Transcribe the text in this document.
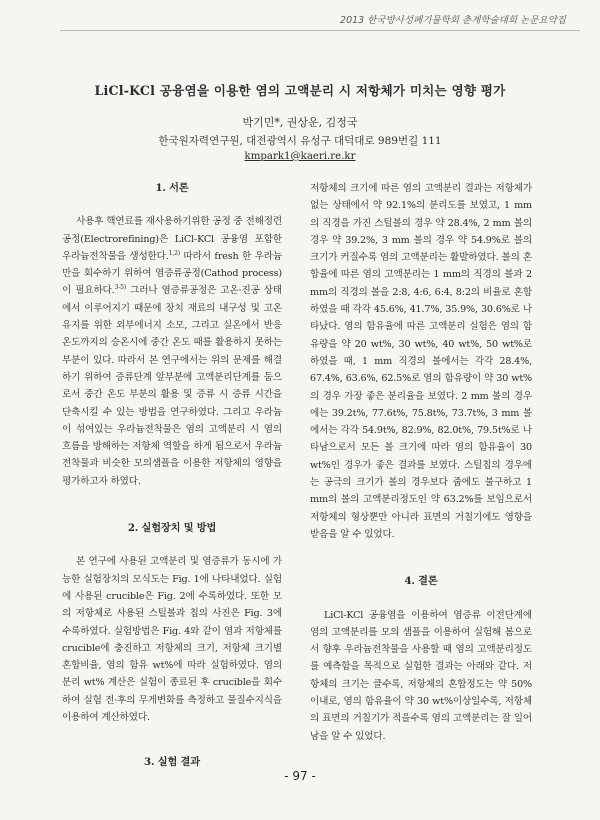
2013 한국방사성폐기물학회 춘계학술대회 논문요약집
LiCl-KCl 공융염을 이용한 염의 고액분리 시 저항체가 미치는 영향 평가
박기민*, 권상운, 김정국
한국원자력연구원, 대전광역시 유성구 대덕대로 989번길 111
kmpark1@kaeri.re.kr
1. 서론

사용후 핵연료를 재사용하기위한 공정 중 전해정련공정(Electrorefining)은 LiCl-KCl 공융염 포함한 우라늄전착물을 생성한다.$^{1,2)}$ 따라서 fresh 한 우라늄만을 회수하기 위하여 염증류공정(Cathod process)이 필요하다.$^{3-5)}$ 그러나 염증류공정은 고온·진공 상태에서 이루어지기 때문에 장치 재료의 내구성 및 고온 유지를 위한 외부에너지 소모, 그리고 실온에서 반응온도까지의 승온시에 중간 온도 때를 활용하지 못하는 부분이 있다. 따라서 본 연구에서는 위의 문제를 해결하기 위하여 증류단계 앞부분에 고액분리단계를 둠으로서 중간 온도 부분의 활용 및 증류 시 증류 시간을 단축시킬 수 있는 방법을 연구하였다. 그리고 우라늄이 섞여있는 우라늄전착물은 염의 고액분리 시 염의 흐름을 방해하는 저항체 역할을 하게 됨으로서 우라늄전착물과 비슷한 모의샘플을 이용한 저항체의 영향을 평가하고자 하였다.

2. 실험장치 및 방법

본 연구에 사용된 고액분리 및 염증류가 동시에 가능한 실험장치의 모식도는 Fig. 1에 나타내었다. 실험에 사용된 crucible은 Fig. 2에 수록하였다. 또한 모의 저항체로 사용된 스틸볼과 칩의 사진은 Fig. 3에 수록하였다. 실험방법은 Fig. 4와 같이 염과 저항체를 crucible에 충진하고 저항체의 크기, 저항체 크기별 혼합비율, 염의 함유 wt%에 따라 실험하였다. 염의 분리 wt% 계산은 실험이 종료된 후 crucible을 회수하여 실험 전·후의 무게변화를 측정하고 물질수지식을 이용하여 계산하였다.

3. 실험 결과

저항체의 크기에 따른 염의 고액분리 결과는 저항체가 없는 상태에서 약 92.1%의 분리도를 보였고, 1 mm의 직경을 가진 스틸볼의 경우 약 28.4%, 2 mm 볼의 경우 약 39.2%, 3 mm 볼의 경우 약 54.9%로 볼의 크기가 커질수록 염의 고액분리는 활발하였다. 볼의 혼합율에 따른 염의 고액분리는 1 mm의 직경의 볼과 2 mm의 직경의 볼을 2:8, 4:6, 6:4, 8:2의 비율로 혼합하였을 때 각각 45.6%, 41.7%, 35.9%, 30.6%로 나타났다. 염의 함유율에 따른 고액분리 실험은 염의 함유량을 약 20 wt%, 30 wt%, 40 wt%, 50 wt%로 하였을 때, 1 mm 직경의 볼에서는 각각 28.4%, 67.4%, 63.6%, 62.5%로 염의 함유량이 약 30 wt%의 경우 가장 좋은 분리율을 보였다. 2 mm 볼의 경우에는 39.2t%, 77.6t%, 75.8t%, 73.7t%, 3 mm 볼에서는 각각 54.9t%, 82.9%, 82.0t%, 79.5t%로 나타남으로서 모든 볼 크기에 따라 염의 함유율이 30 wt%인 경우가 좋은 결과를 보였다. 스틸칩의 경우에는 공극의 크기가 볼의 경우보다 줍에도 불구하고 1 mm의 볼의 고액분리정도인 약 63.2%를 보임으로서 저항체의 형상뿐만 아니라 표면의 거칠기에도 영향을 받음을 알 수 있었다.

4. 결론

LiCl-KCl 공융염을 이용하여 염증류 이전단계에 염의 고액분리를 모의 샘플을 이용하여 실험해 봄으로서 향후 우라늄전착물을 사용할 때 염의 고액분리정도를 예측함을 목적으로 실험한 결과는 아래와 같다. 저항체의 크기는 클수록, 저항체의 혼합정도는 약 50% 이내로, 염의 함유율이 약 30 wt%이상일수록, 저항체의 표면의 거칠기가 적을수록 염의 고액분리는 잘 일어남을 알 수 있었다.

- 97 -
